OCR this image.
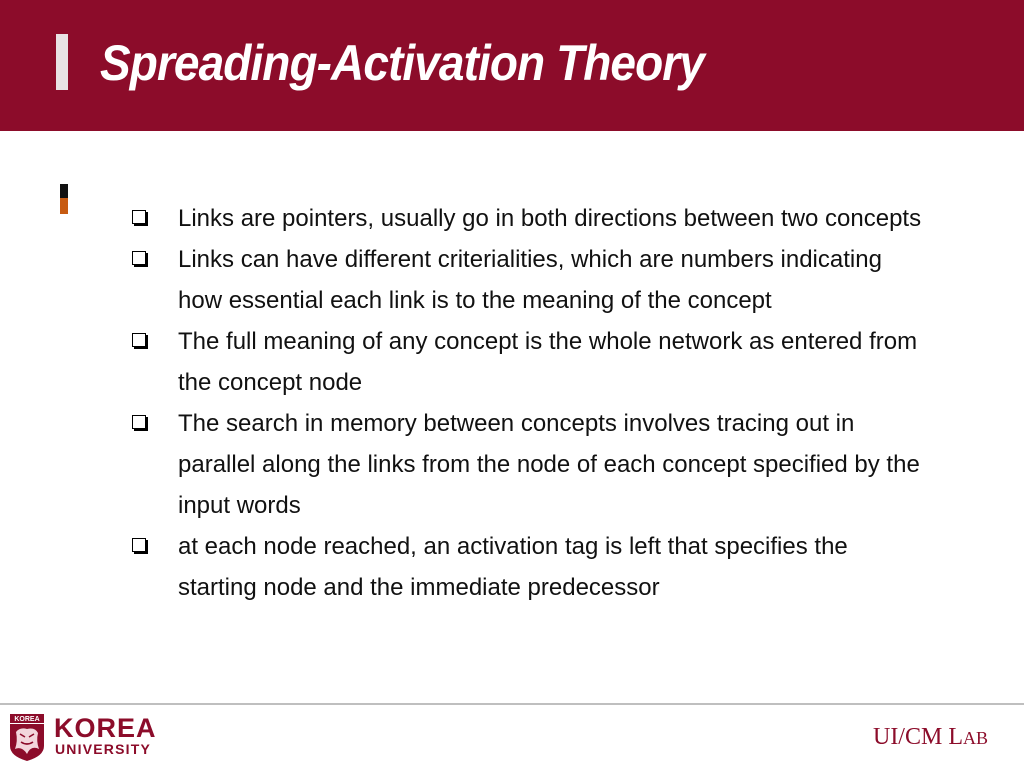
Spreading-Activation Theory
Links are pointers, usually go in both directions between two concepts
Links can have different criterialities, which are numbers indicating how essential each link is to the meaning of the concept
The full meaning of any concept is the whole network as entered from the concept node
The search in memory between concepts involves tracing out in parallel along the links from the node of each concept specified by the input words
at each node reached, an activation tag is left that specifies the starting node and the immediate predecessor
KOREA KOREA
UNIVERSITY	UI/CM LAB
